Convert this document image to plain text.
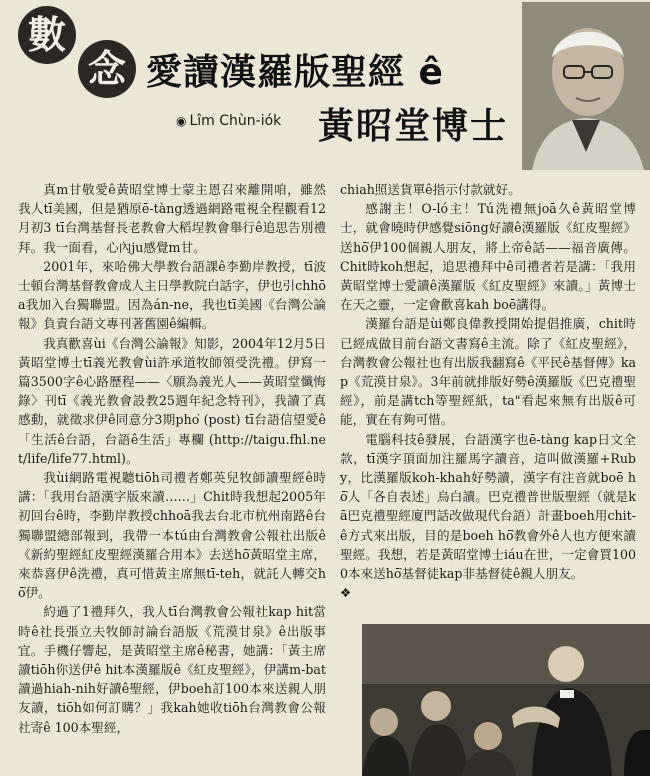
數
念 愛讀漢羅版聖經 ê
黃昭堂博士
◉ Lîm Chùn-iók

真m甘敬愛ê黃昭堂博士蒙主恩召來離開咱，雖然我人tī美國，但是猶原ē-tàng透過網路電視全程觀看12月初3 tī台灣基督長老教會大稻埕教會舉行ê追思告別禮拜。我一面看，心內ju感覺m甘。

2001年，來哈佛大學教台語課ê李勤岸教授，tī波士頓台灣基督教會成人主日學教院白話字，伊也引chhōa我加入台獨聯盟。因為án-ne，我也tī美國《台灣公論報》負責台語文專刊著舊園ê編輯。

我真歡喜ùi《台灣公論報》知影，2004年12月5日黃昭堂博士tī義光教會ùi許承道牧師領受洗禮。伊寫一篇3500字ê心路歷程——〈願為義光人——黃昭堂懺悔錄〉刊tī《義光教會設教25週年紀念特刊》，我讀了真感動，就徵求伊ê同意分3期pho͘ (post) tī台語信望愛ê「生活ê台語，台語ê生活」專欄 (http://taigu.fhl.net/life/life77.html)。

我ùi網路電視聽tiōh司禮者鄭英兒牧師讀聖經ê時講：「我用台語漢字版來讀……」Chit時我想起2005年初回台ê時，李勤岸教授chhoā我去台北市杭州南路ê台獨聯盟總部報到，我帶一本tú由台灣教會公報社出版ê《新約聖經紅皮聖經漢羅合用本》去送hō͘黃昭堂主席，來恭喜伊ê洗禮，真可惜黃主席無tī-teh，就託人轉交hō͘伊。

約過了1禮拜久，我人tī台灣教會公報社kap hit當時ê社長張立夫牧師討論台語版《荒漠甘泉》ê出版事宜。手機仔響起，是黃昭堂主席ê秘書，她講：「黃主席讀tiōh你送伊ê hit本漢羅版ê《紅皮聖經》，伊講m-bat讀過hiah-nih好讀ê聖經，伊boeh訂100本來送親人朋友讀，tiōh如何訂購？」我kah她收tiōh台灣教會公報社寄ê 100本聖經，

chiah照送貨單ê指示付款就好。

感謝主！O-ló主！Tú洗禮無joā久ê黃昭堂博士，就會曉時伊感覺siōng好讀ê漢羅版《紅皮聖經》送hō͘伊100個親人朋友，將上帝ê話——福音廣傳。Chit時koh想起，追思禮拜中ê司禮者若是講：「我用黃昭堂博士愛讀ê漢羅版《紅皮聖經》來讀。」黃博士在天之靈，一定會歡喜kah boē講得。

漢羅台語是ùi鄭良偉教授開始提倡推廣，chit時已經成做目前台語文書寫ê主流。除了《紅皮聖經》，台灣教會公報社也有出版我翻寫ê《平民ê基督傳》kap《荒漠甘泉》。3年前就排版好勢ê漢羅版《巴克禮聖經》，前是講tch等聖經紙，ta"看起來無有出版ê可能，實在有夠可惜。

電腦科技ê發展，台語漢字也ē-tàng kap日文全款，tī漢字頂面加注羅馬字讀音，這叫做漢羅+Ruby，比漢羅版koh-khah好勢讀，漢字有注音就boē hō͘人「各自表述」烏白讀。巴克禮普世版聖經（就是kā巴克禮聖經廈門話改做現代台語）計畫boeh用chit-ê方式來出版，目的是boeh hō͘教會外ê人也方便來讀聖經。我想，若是黃昭堂博士iáu在世，一定會買1000本來送hō͘基督徒kap非基督徒ê親人朋友。

❖
